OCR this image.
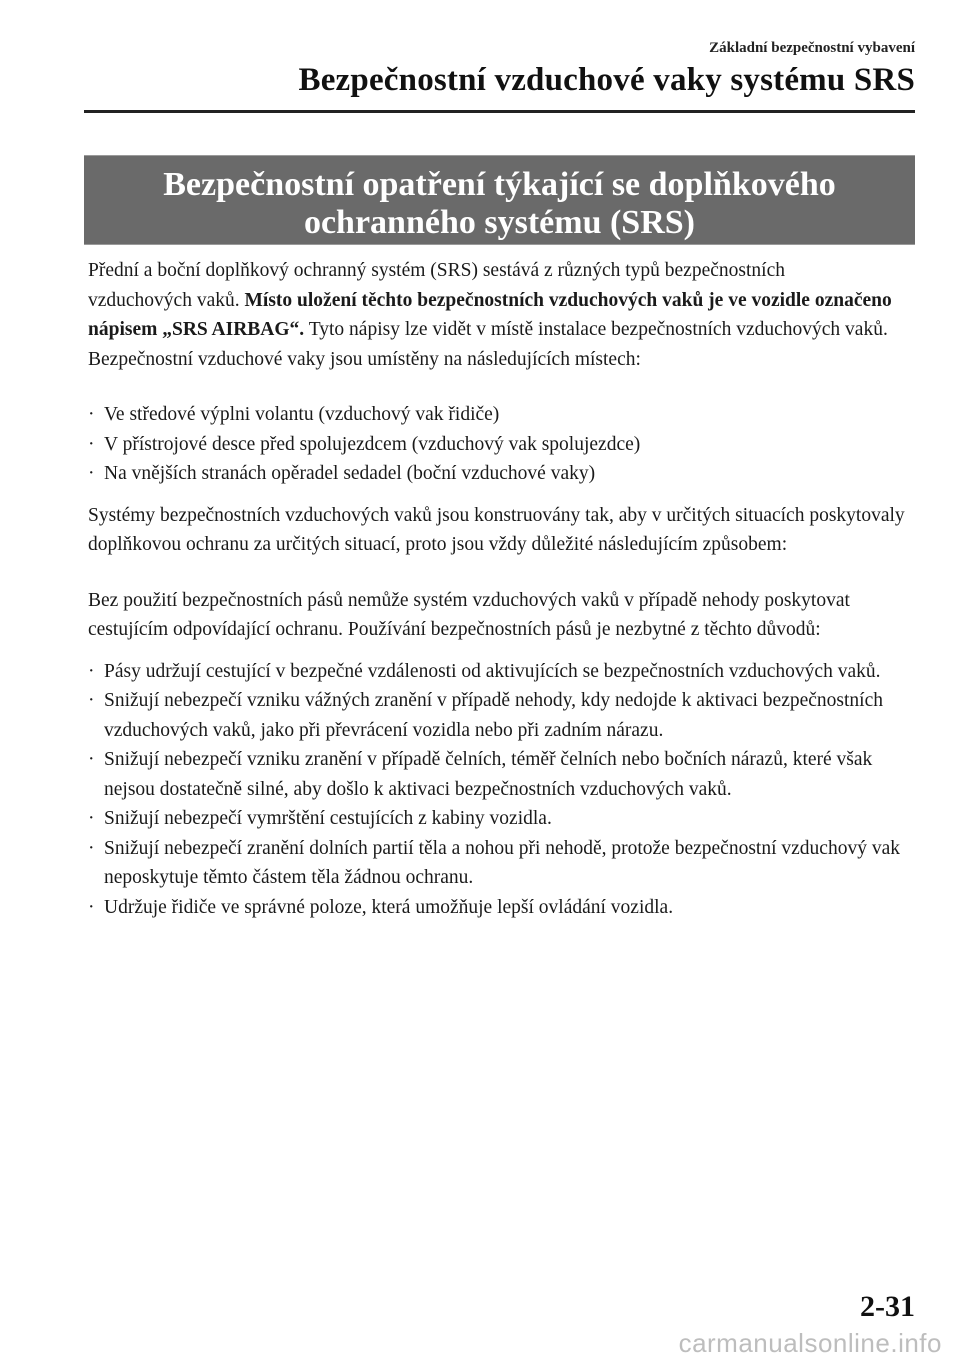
Základní bezpečnostní vybavení
Bezpečnostní vzduchové vaky systému SRS
Bezpečnostní opatření týkající se doplňkového
ochranného systému (SRS)

Přední a boční doplňkový ochranný systém (SRS) sestává z různých typů bezpečnostních
vzduchových vaků. Místo uložení těchto bezpečnostních vzduchových vaků je ve vozidle označeno nápisem „SRS AIRBAG“. Tyto nápisy lze vidět v místě instalace bezpečnostních vzduchových vaků.

Bezpečnostní vzduchové vaky jsou umístěny na následujících místech:

· Ve středové výplni volantu (vzduchový vak řidiče)
· V přístrojové desce před spolujezdcem (vzduchový vak spolujezdce)
· Na vnějších stranách opěradel sedadel (boční vzduchové vaky)

Systémy bezpečnostních vzduchových vaků jsou konstruovány tak, aby v určitých situacích poskytovaly doplňkovou ochranu za určitých situací, proto jsou vždy důležité následujícím způsobem:

Bez použití bezpečnostních pásů nemůže systém vzduchových vaků v případě nehody poskytovat cestujícím odpovídající ochranu. Používání bezpečnostních pásů je nezbytné z těchto důvodů:

· Pásy udržují cestující v bezpečné vzdálenosti od aktivujících se bezpečnostních vzduchových vaků.
· Snižují nebezpečí vzniku vážných zranění v případě nehody, kdy nedojde k aktivaci bezpečnostních vzduchových vaků, jako při převrácení vozidla nebo při zadním nárazu.
· Snižují nebezpečí vzniku zranění v případě čelních, téměř čelních nebo bočních nárazů, které však nejsou dostatečně silné, aby došlo k aktivaci bezpečnostních vzduchových vaků.
· Snižují nebezpečí vymrštění cestujících z kabiny vozidla.
· Snižují nebezpečí zranění dolních partií těla a nohou při nehodě, protože bezpečnostní vzduchový vak neposkytuje těmto částem těla žádnou ochranu.
· Udržuje řidiče ve správné poloze, která umožňuje lepší ovládání vozidla.
2-31
carmanualsonline.info
